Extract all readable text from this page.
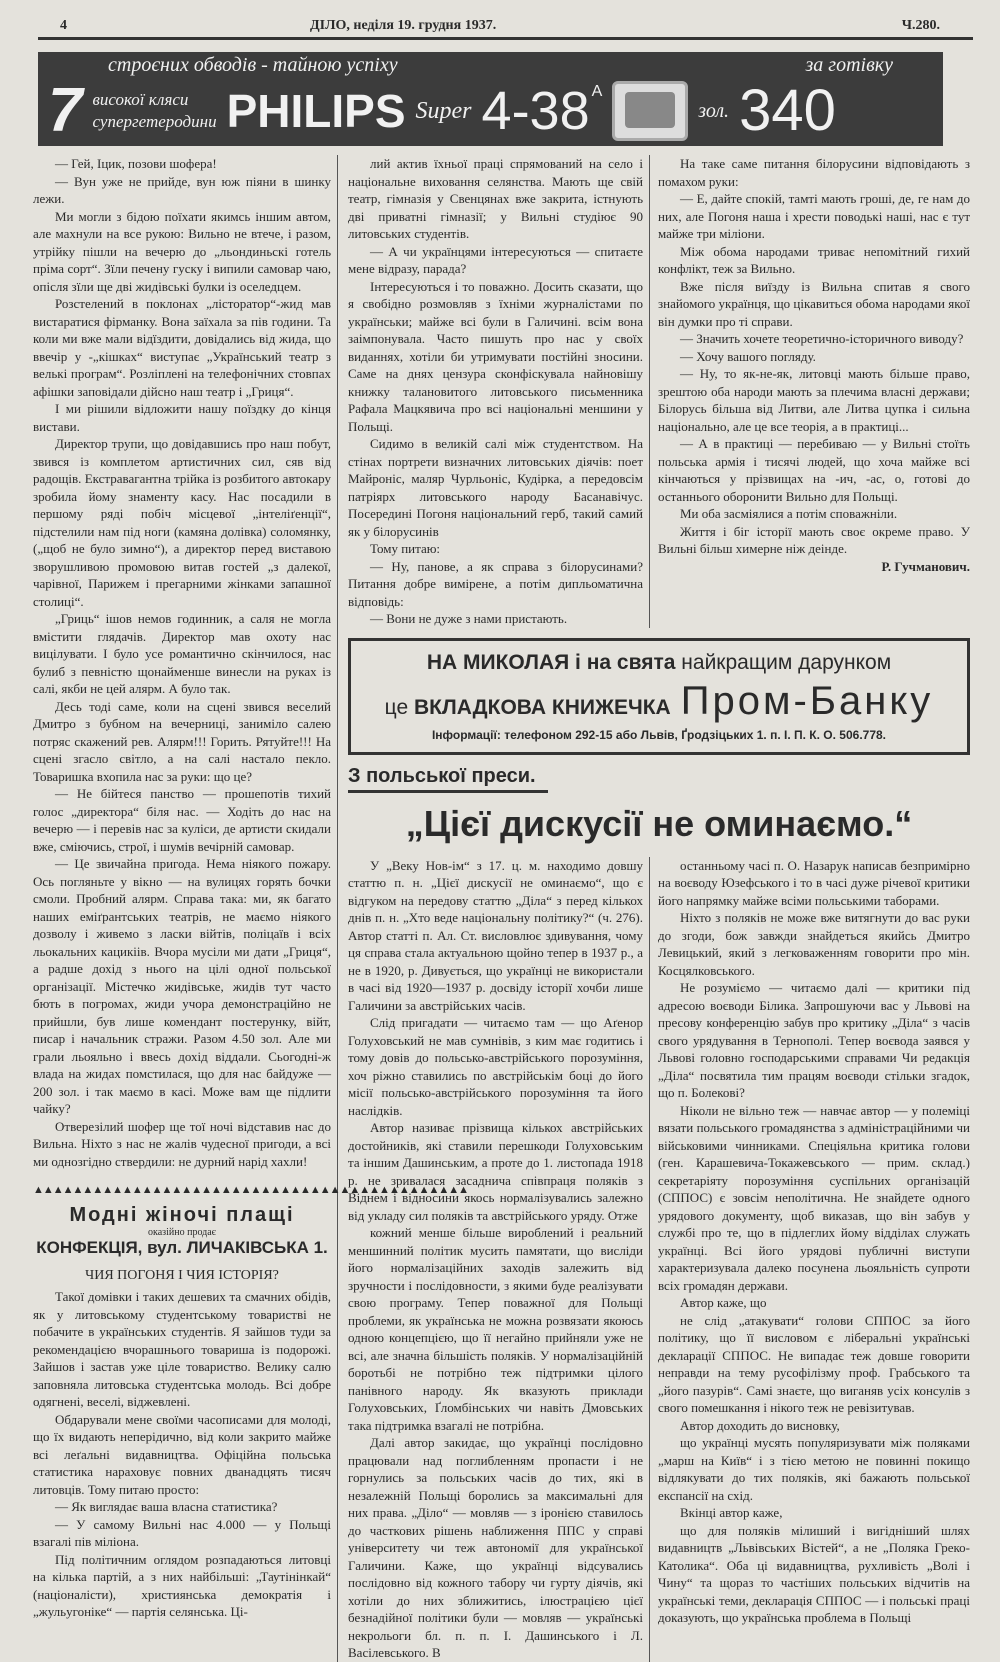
4	ДІЛО, неділя 19. грудня 1937.	Ч.280.
строєних обводів - тайною успіху	за готівку
7 високої кляси
супергетеродини PHILIPS Super $4-38^A$
зол. 340

— Гей, Іцик, позови шофера!

— Вун уже не прийде, вун юж піяни в шинку лежи.

Ми могли з бідою поїхати якимсь іншим автом, але махнули на все рукою: Вильно не втече, і разом, утрійку пішли на вечерю до „льондиньскі готель пріма сорт“. Зїли печену гуску і випили самовар чаю, опісля зїли ще дві жидівські булки із оселедцем.

Розстелений в поклонах „лісторатор“-жид мав вистаратися фірманку. Вона заїхала за пів години. Та коли ми вже мали відїздити, довідались від жида, що ввечір у -„кішках“ виступає „Український театр з велькі програм“. Розліплені на телефонічних стовпах афішки заповідали дійсно наш театр і „Гриця“.

І ми рішили відложити нашу поїздку до кінця вистави.

Директор трупи, що довідавшись про наш побут, звився із комплетом артистичних сил, сяв від радощів. Екстравагантна трійка із розбитого автокару зробила йому знаменту касу. Нас посадили в першому ряді побіч місцевої „інтеліґенції“, підстелили нам під ноги (камяна долівка) соломянку, („щоб не було зимно“), а директор перед виставою зворушливою промовою витав гостей „з далекої, чарівної, Парижем і прегарними жінками запашної столиці“.

„Гриць“ ішов немов годинник, а саля не могла вмістити глядачів. Директор мав охоту нас вицілувати. І було усе романтично скінчилося, нас булиб з певністю щонайменше винесли на руках із салі, якби не цей алярм. А було так.

Десь тоді саме, коли на сцені звився веселий Дмитро з бубном на вечерниці, заниміло салею потряс скажений рев. Алярм!!! Горить. Рятуйте!!! На сцені згасло світло, а на салі настало пекло. Товаришка вхопила нас за руки: що це?

— Не бійтеся панство — прошепотів тихий голос „директора“ біля нас. — Ходіть до нас на вечерю — і перевів нас за куліси, де артисти скидали вже, сміючись, строї, і шумів вечірній самовар.

— Це звичайна пригода. Нема ніякого пожару. Ось погляньте у вікно — на вулицях горять бочки смоли. Пробний алярм. Справа така: ми, як багато наших еміґрантських театрів, не маємо ніякого дозволу і живемо з ласки війтів, поліцаїв і всіх льокальних кацикіів. Вчора мусіли ми дати „Гриця“, а радше дохід з нього на цілі одної польської організації. Містечко жидівське, жидів тут часто бють в погромах, жиди учора демонстраційно не прийшли, був лише комендант постерунку, війт, писар і начальник стражи. Разом 4.50 зол. Але ми грали льояльно і ввесь дохід віддали. Сьогодні-ж влада на жидах помстилася, що для нас байдуже — 200 зол. і так маємо в касі. Може вам ще підлити чайку?

Отверезілий шофер ще тої ночі відставив нас до Вильна. Ніхто з нас не жалів чудесної пригоди, а всі ми однозгідно ствердили: не дурний нарід хахли!

▲▲▲▲▲▲▲▲▲▲▲▲▲▲▲▲▲▲▲▲▲▲▲▲▲▲▲▲▲▲▲▲▲▲▲▲▲▲▲▲▲▲▲▲
Модні жіночі плащі
оказійно продає
КОНФЕКЦІЯ, вул. ЛИЧАКІВСЬКА 1.
ЧИЯ ПОГОНЯ І ЧИЯ ІСТОРІЯ?

Такої домівки і таких дешевих та смачних обідів, як у литовському студентському товаристві не побачите в українських студентів. Я зайшов туди за рекомендацією вчорашнього товариша із подорожі. Зайшов і застав уже ціле товариство. Велику салю заповняла литовська студентська молодь. Всі добре одягнені, веселі, віджевлені.

Обдарували мене своїми часописами для молоді, що їх видають неперідично, від коли закрито майже всі леґальні видавництва. Офіційна польська статистика нараховує повних дванадцять тисяч литовців. Тому питаю просто:

— Як виглядає ваша власна статистика?

— У самому Вильні нас 4.000 — у Польщі взагалі пів міліона.

Під політичним оглядом розпадаються литовці на кілька партій, а з них найбільші: „Таутінінкай“ (націоналісти), християнська демократія і „жульугоніке“ — партія селянська. Ці-

лий актив їхньої праці спрямований на село і національне виховання селянства. Мають ще свій театр, гімназія у Свенцянах вже закрита, істнують дві приватні гімназії; у Вильні студіює 90 литовських студентів.

— А чи українцями інтересуються — спитаєте мене відразу, парада?

Інтересуються і то поважно. Досить сказати, що я свобідно розмовляв з їхніми журналістами по українськи; майже всі були в Галичині. всім вона заімпонувала. Часто пишуть про нас у своїх виданнях, хотіли би утримувати постійні зносини. Саме на днях цензура сконфіскувала найновішу книжку талановитого литовського письменника Рафала Мацкявича про всі національні меншини у Польщі.

Сидимо в великій салі між студентством. На стінах портрети визначних литовських діячів: поет Майроніс, маляр Чурльоніс, Кудірка, а передовсім патріярх литовського народу Басанавічус. Посередині Погоня національний герб, такий самий як у білорусинів

Тому питаю:

— Ну, панове, а як справа з білорусинами? Питання добре вимірене, а потім дипльоматична відповідь:

— Вони не дуже з нами пристають.

На таке саме питання білорусини відповідають з помахом руки:

— Е, дайте спокій, тамті мають гроші, де, ге нам до них, але Погоня наша і хрести поводькі наші, нас є тут майже три міліони.

Між обома народами триває непомітний гихий конфлікт, теж за Вильно.

Вже після виїзду із Вильна спитав я свого знайомого українця, що цікавиться обома народами якої він думки про ті справи.

— Значить хочете теоретично-історичного виводу?

— Хочу вашого погляду.

— Ну, то як-не-як, литовці мають більше право, зрештою оба народи мають за плечима власні держави; Білорусь більша від Литви, але Литва цупка і сильна національно, але це все теорія, а в практиці...

— А в практиці — перебиваю — у Вильні стоїть польська армія і тисячі людей, що хоча майже всі кінчаються у прізвищах на -ич, -ас, о, готові до останнього оборонити Вильно для Польщі.

Ми оба засміялися а потім споважніли.

Життя і біг історії мають своє окреме право. У Вильні більш химерне ніж деінде.

Р. Гучманович.

НА МИКОЛАЯ і на свята найкращим дарунком
це ВКЛАДКОВА КНИЖЕЧКА Пром-Банку
Інформації: телефоном 292-15 або Львів, Ґродзіцьких 1. п. І. П. К. О. 506.778.
З польської преси.
„Цієї дискусії не оминаємо.“

У „Веку Нов-ім“ з 17. ц. м. находимо довшу статтю п. н. „Цієї дискусії не оминаємо“, що є відгуком на передову статтю „Діла“ з перед кількох днів п. н. „Хто веде національну політику?“ (ч. 276). Автор статті п. Ал. Ст. висловлює здивування, чому ця справа стала актуальною щойно тепер в 1937 р., а не в 1920, р. Дивується, що українці не використали в часі від 1920—1937 р. досвіду історії хочби лише Галичини за австрійських часів.

Слід пригадати — читаємо там — що Аґенор Голуховський не мав сумнівів, з ким має годитись і тому довів до польсько-австрійського порозуміння, хоч ріжно ставились по австрійськім боці до його місії польсько-австрійського порозуміння та його наслідків.

Автор називає прізвища кількох австрійських достойників, які ставили перешкоди Голуховським та іншим Дашинським, а проте до 1. листопада 1918 р. не зривалася засаднича співпраця поляків з Віднем і відносини якось нормалізувались залежно від укладу сил поляків та австрійського уряду. Отже

кожний менше більше вироблений і реальний меншинний політик мусить памятати, що висліди його нормалізаційних заходів залежить від зручности і послідовности, з якими буде реалізувати свою програму. Тепер поважної для Польщі проблеми, як українська не можна розвязати якоюсь одною концепцією, що її негайно прийняли уже не всі, але значна більшість поляків. У нормалізаційній боротьбі не потрібно теж підтримки цілого панівного народу. Як вказують приклади Голуховських, Ґломбінських чи навіть Дмовських така підтримка взагалі не потрібна.

Далі автор закидає, що українці послідовно працювали над поглибленням пропасти і не горнулись за польських часів до тих, які в незалежній Польщі боролись за максимальні для них права. „Діло“ — мовляв — з іронією ставилось до часткових рішень наближення ППС у справі університету чи теж автономії для української Галичини. Каже, що українці відсувались послідовно від кожного табору чи гурту діячів, які хотіли до них зближитись, ілюстрацією цієї безнадійної політики були — мовляв — українські некрольоги бл. п. п. І. Дашинського і Л. Васілевського. В

останньому часі п. О. Назарук написав безпримірно на воєводу Юзефського і то в часі дуже річевої критики його напрямку майже всіми польськими таборами.

Ніхто з поляків не може вже витягнути до вас руки до згоди, бож завжди знайдеться якийсь Дмитро Левицький, який з легковаженням говорити про мін. Косцялковського.

Не розуміємо — читаємо далі — критики під адресою воєводи Білика. Запрошуючи вас у Львові на пресову конференцію забув про критику „Діла“ з часів свого урядування в Тернополі. Тепер воєвода заявся у Львові головно господарськими справами Чи редакція „Діла“ посвятила тим працям воєводи стільки згадок, що п. Болекові?

Ніколи не вільно теж — навчає автор — у полеміці вязати польського громадянства з адміністраційними чи військовими чинниками. Спеціяльна критика голови (ген. Карашевича-Токажевського — прим. склад.) секретаріяту порозуміння суспільних організацій (СППОС) є зовсім неполітична. Не знайдете одного урядового документу, щоб виказав, що він забув у службі про те, що в підлеглих йому відділах служать українці. Всі його урядові публичні виступи характеризувала далеко посунена льояльність супроти всіх громадян держави.

Автор каже, що

не слід „атакувати“ голови СППОС за його політику, що її висловом є ліберальні українські декларації СППОС. Не випадає теж довше говорити неправди на тему русофілізму проф. Грабського та „його пазурів“. Самі знаєте, що виганяв усіх консулів з свого помешкання і нікого теж не ревізитував.

Автор доходить до висновку,

що українці мусять популяризувати між поляками „марш на Київ“ і з тією метою не повинні покищо вiдлякувати до тих поляків, які бажають польської експансії на схід.

Вкінці автор каже,

що для поляків мілиший і вигідніший шлях видавництв „Львівських Вістей“, а не „Поляка Греко-Католика“. Оба ці видавництва, рухливість „Волі і Чину“ та щораз то частіших польських відчитів на українські теми, декларація СППОС — і польські праці доказують, що українська проблема в Польщі
